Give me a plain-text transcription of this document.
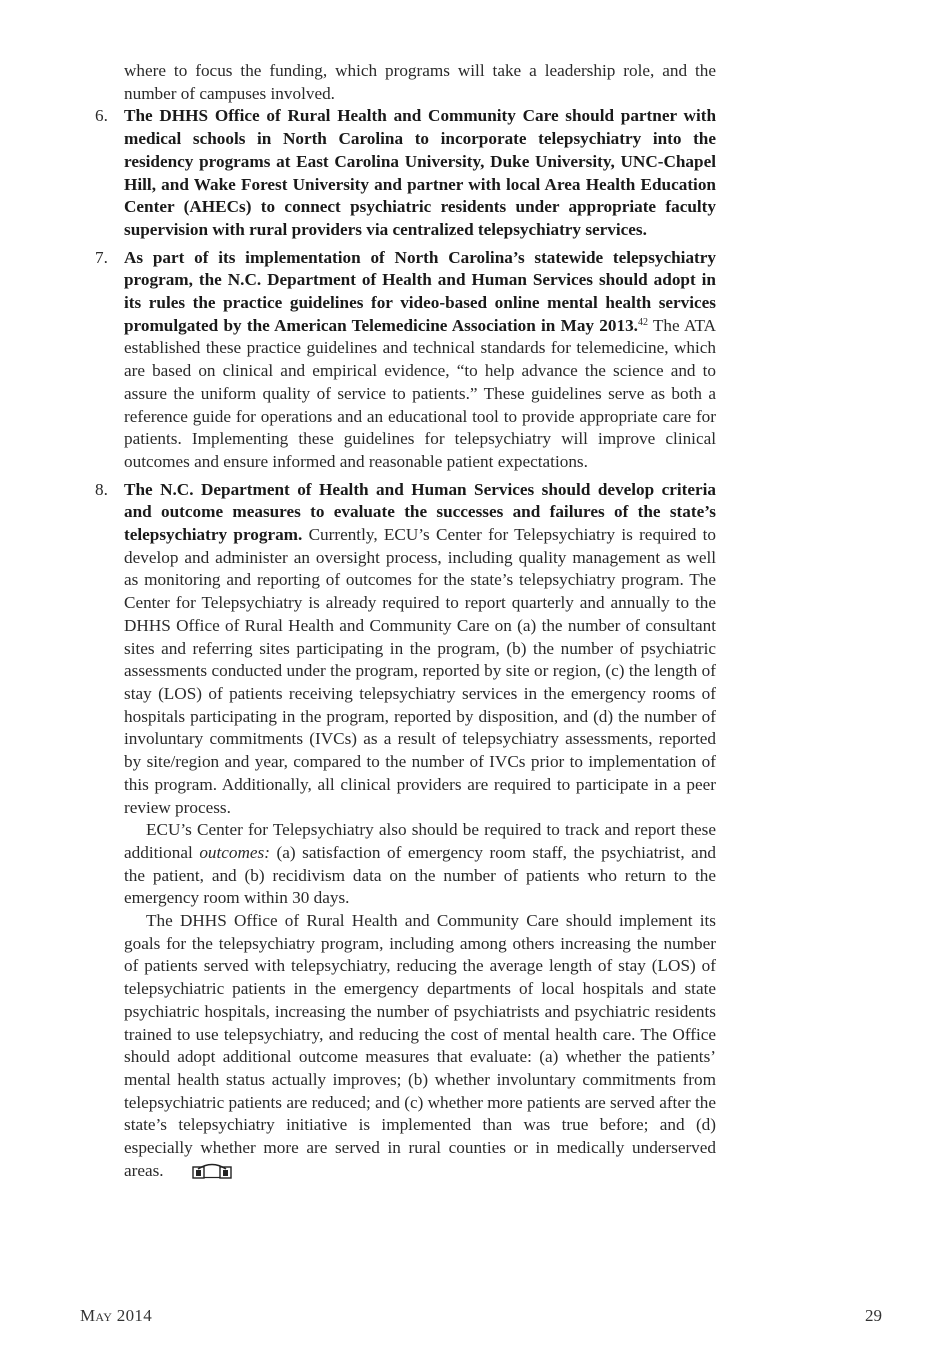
where to focus the funding, which programs will take a leadership role, and the number of campuses involved.

6. The DHHS Office of Rural Health and Community Care should partner with medical schools in North Carolina to incorporate telepsychiatry into the residency programs at East Carolina University, Duke University, UNC-Chapel Hill, and Wake Forest University and partner with local Area Health Education Center (AHECs) to connect psychiatric residents under appropriate faculty supervision with rural providers via centralized telepsychiatry services.

7. As part of its implementation of North Carolina’s statewide telepsychiatry program, the N.C. Department of Health and Human Services should adopt in its rules the practice guidelines for video-based online mental health services promulgated by the American Telemedicine Association in May 2013.42 The ATA established these practice guidelines and technical standards for telemedicine, which are based on clinical and empirical evidence, “to help advance the science and to assure the uniform quality of service to patients.” These guidelines serve as both a reference guide for operations and an educational tool to provide appropriate care for patients. Implementing these guidelines for telepsychiatry will improve clinical outcomes and ensure informed and reasonable patient expectations.

8. The N.C. Department of Health and Human Services should develop criteria and outcome measures to evaluate the successes and failures of the state’s telepsychiatry program. Currently, ECU’s Center for Telepsychiatry is required to develop and administer an oversight process, including quality management as well as monitoring and reporting of outcomes for the state’s telepsychiatry program. The Center for Telepsychiatry is already required to report quarterly and annually to the DHHS Office of Rural Health and Community Care on (a) the number of consultant sites and referring sites participating in the program, (b) the number of psychiatric assessments conducted under the program, reported by site or region, (c) the length of stay (LOS) of patients receiving telepsychiatry services in the emergency rooms of hospitals participating in the program, reported by disposition, and (d) the number of involuntary commitments (IVCs) as a result of telepsychiatry assessments, reported by site/region and year, compared to the number of IVCs prior to implementation of this program. Additionally, all clinical providers are required to participate in a peer review process.

ECU’s Center for Telepsychiatry also should be required to track and report these additional outcomes: (a) satisfaction of emergency room staff, the psychiatrist, and the patient, and (b) recidivism data on the number of patients who return to the emergency room within 30 days.

The DHHS Office of Rural Health and Community Care should implement its goals for the telepsychiatry program, including among others increasing the number of patients served with telepsychiatry, reducing the average length of stay (LOS) of telepsychiatric patients in the emergency departments of local hospitals and state psychiatric hospitals, increasing the number of psychiatrists and psychiatric residents trained to use telepsychiatry, and reducing the cost of mental health care. The Office should adopt additional outcome measures that evaluate: (a) whether the patients’ mental health status actually improves; (b) whether involuntary commitments from telepsychiatric patients are reduced; and (c) whether more patients are served after the state’s telepsychiatry initiative is implemented than was true before; and (d) especially whether more are served in rural counties or in medically underserved areas.

May 2014	29
